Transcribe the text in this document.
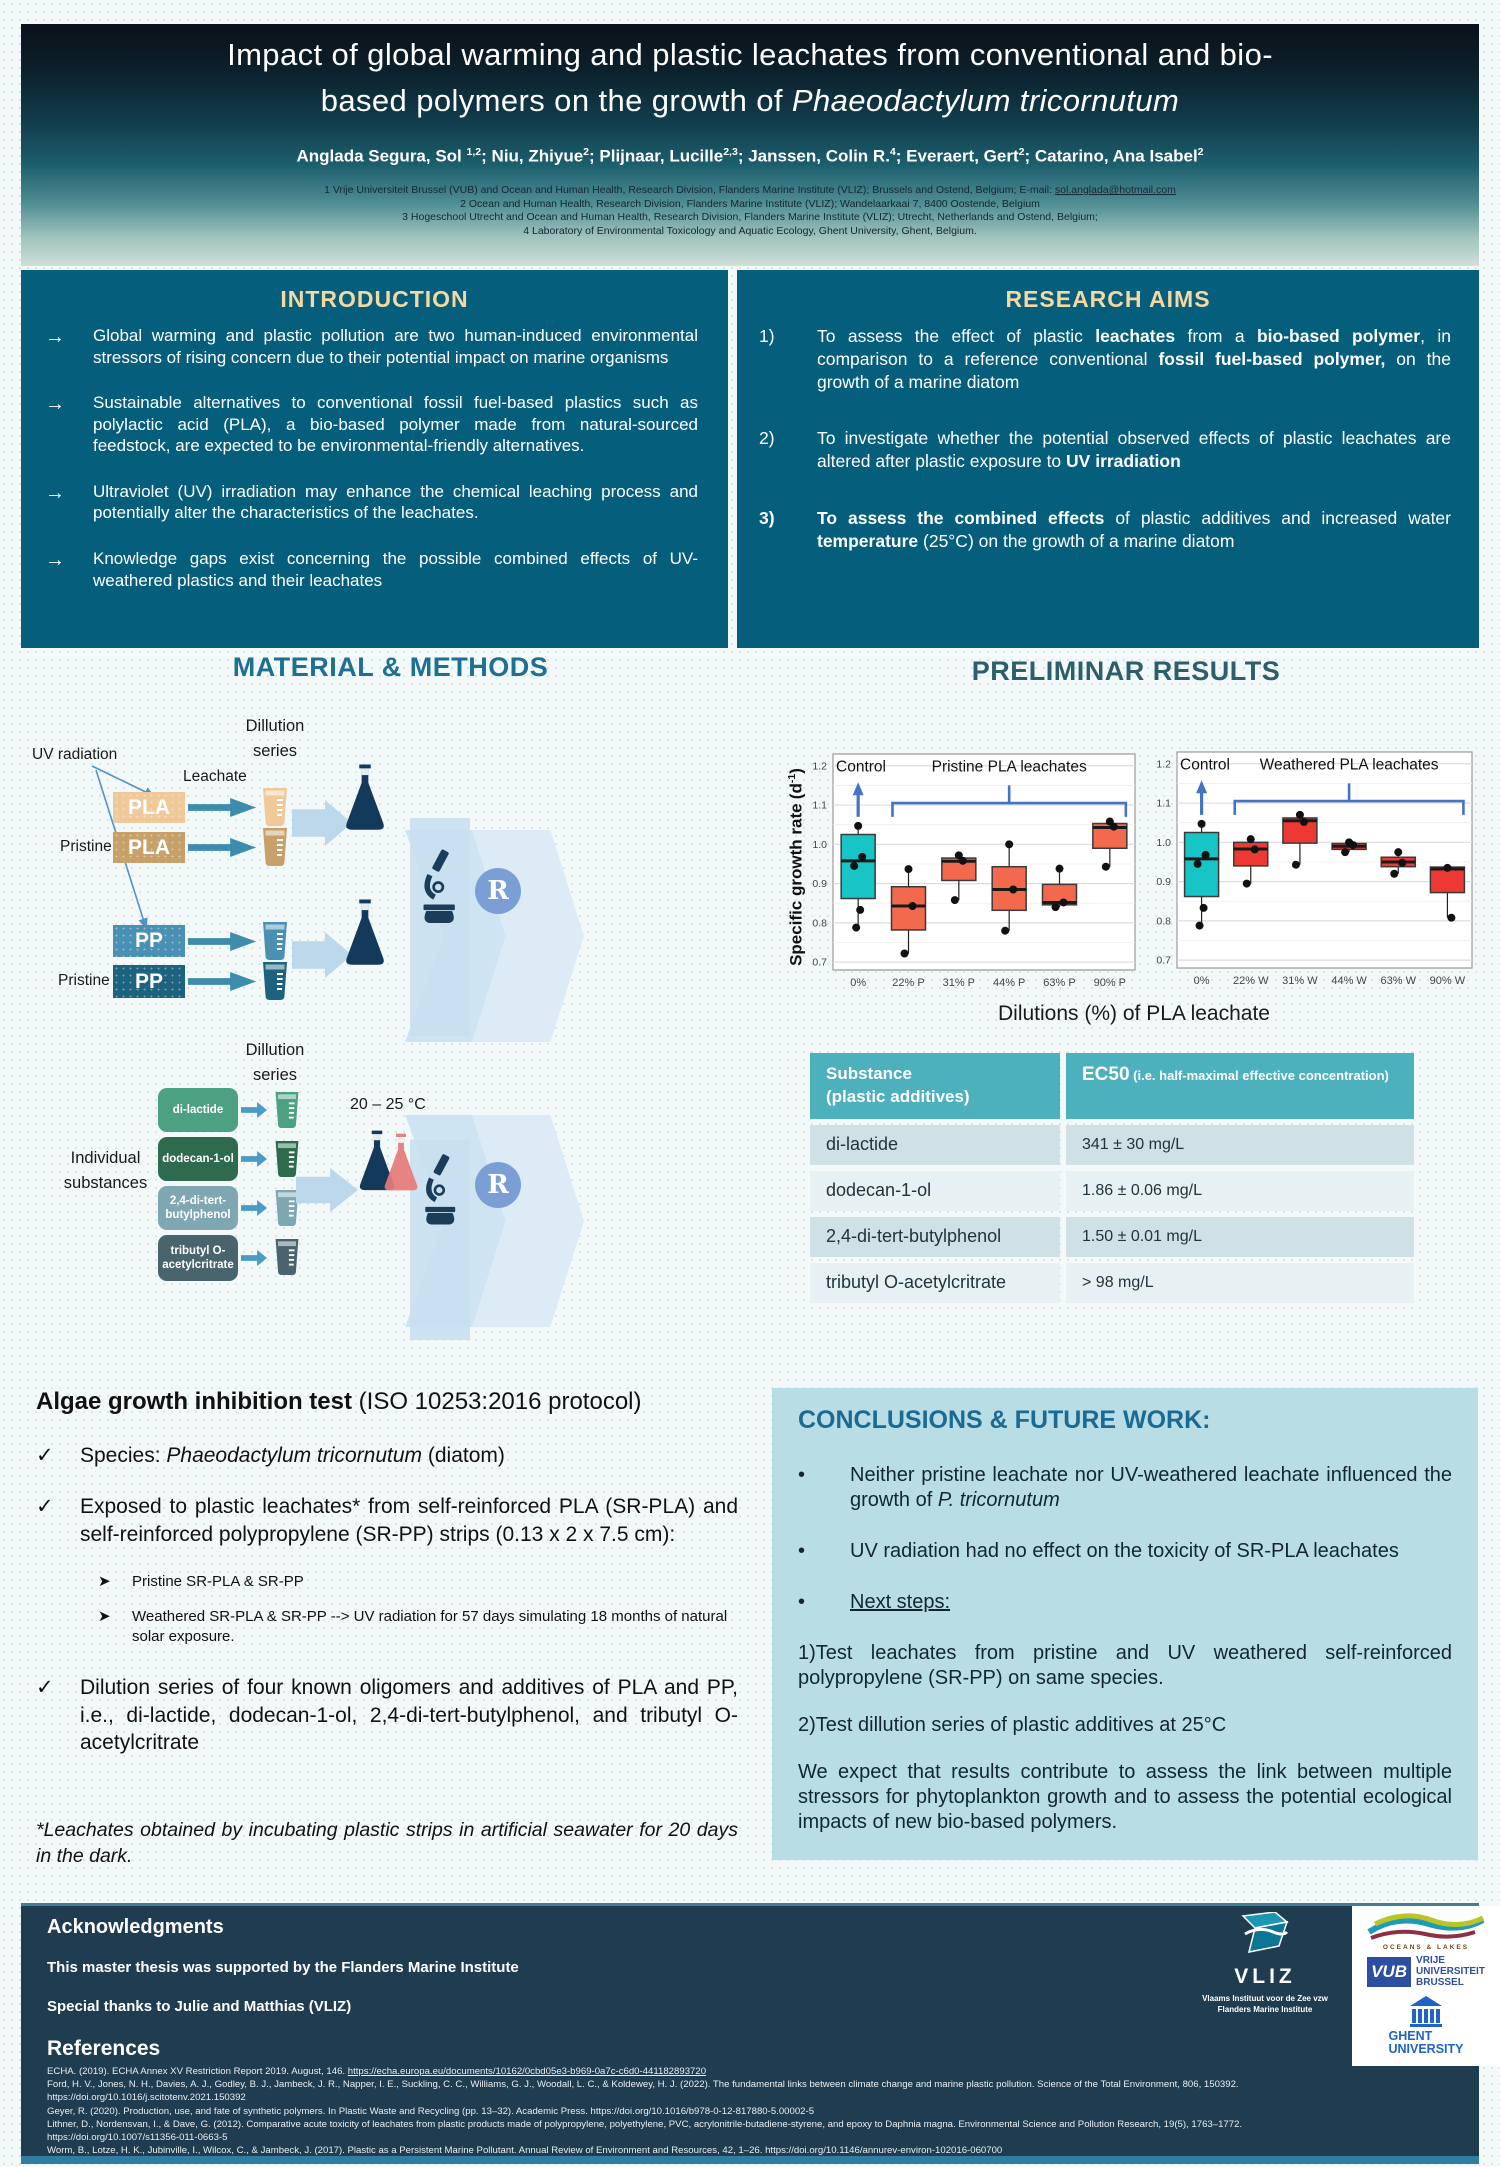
Impact of global warming and plastic leachates from conventional and bio-
based polymers on the growth of Phaeodactylum tricornutum
Anglada Segura, Sol $^{1,2}$; Niu, Zhiyue$^2$; Plijnaar, Lucille$^{2,3}$; Janssen, Colin R.$^4$; Everaert, Gert$^2$; Catarino, Ana Isabel$^2$
1 Vrije Universiteit Brussel (VUB) and Ocean and Human Health, Research Division, Flanders Marine Institute (VLIZ); Brussels and Ostend, Belgium; E-mail: sol.anglada@hotmail.com
2 Ocean and Human Health, Research Division, Flanders Marine Institute (VLIZ); Wandelaarkaai 7, 8400 Oostende, Belgium
3 Hogeschool Utrecht and Ocean and Human Health, Research Division, Flanders Marine Institute (VLIZ); Utrecht, Netherlands and Ostend, Belgium;
4 Laboratory of Environmental Toxicology and Aquatic Ecology, Ghent University, Ghent, Belgium.
INTRODUCTION
→	Global warming and plastic pollution are two human-induced environmental stressors of rising concern due to their potential impact on marine organisms
→	Sustainable alternatives to conventional fossil fuel-based plastics such as polylactic acid (PLA), a bio-based polymer made from natural-sourced feedstock, are expected to be environmental-friendly alternatives.
→	Ultraviolet (UV) irradiation may enhance the chemical leaching process and potentially alter the characteristics of the leachates.
→	Knowledge gaps exist concerning the possible combined effects of UV-weathered plastics and their leachates
RESEARCH AIMS
1)	To assess the effect of plastic leachates from a bio-based polymer, in comparison to a reference conventional fossil fuel-based polymer, on the growth of a marine diatom
2)	To investigate whether the potential observed effects of plastic leachates are altered after plastic exposure to UV irradiation
3)	To assess the combined effects of plastic additives and increased water temperature (25°C) on the growth of a marine diatom
MATERIAL & METHODS	PRELIMINAR RESULTS
UV radiation
Dillution series
Leachate
Pristine
Pristine
PLA
PLA
PP
PP
R
Dillution series
Individual substances
20 – 25 °C
di-lactide
dodecan-1-ol
2,4-di-tert-butylphenol
tributyl O-acetylcritrate
R
0.7
0.8
0.9
1.0
1.1
1.2
0% 22% P 31% P 44% P 63% P 90% P
Control	Pristine PLA leachates
0.7
0.8
0.9
1.0
1.1
1.2
0% 22% W 31% W 44% W 63% W 90% W
Control Weathered PLA leachates
Specific growth rate $(d^{-1})$
Dilutions (%) of PLA leachate
Substance
(plastic additives)
EC50 (i.e. half-maximal effective concentration)
di-lactide	341 ± 30 mg/L
dodecan-1-ol	1.86 ± 0.06 mg/L
2,4-di-tert-butylphenol	1.50 ± 0.01 mg/L
tributyl O-acetylcritrate	> 98 mg/L
Algae growth inhibition test (ISO 10253:2016 protocol)
✓	Species: Phaeodactylum tricornutum (diatom)
✓	Exposed to plastic leachates* from self-reinforced PLA (SR-PLA) and self-reinforced polypropylene (SR-PP) strips (0.13 x 2 x 7.5 cm):
➤	Pristine SR-PLA & SR-PP
➤	Weathered SR-PLA & SR-PP --> UV radiation for 57 days simulating 18 months of natural solar exposure.
✓	Dilution series of four known oligomers and additives of PLA and PP, i.e., di-lactide, dodecan-1-ol, 2,4-di-tert-butylphenol, and tributyl O-acetylcritrate
*Leachates obtained by incubating plastic strips in artificial seawater for 20 days in the dark.
CONCLUSIONS & FUTURE WORK:
•	Neither pristine leachate nor UV-weathered leachate influenced the growth of P. tricornutum
•	UV radiation had no effect on the toxicity of SR-PLA leachates
•	Next steps:
1)Test leachates from pristine and UV weathered self-reinforced polypropylene (SR-PP) on same species.
2)Test dillution series of plastic additives at 25°C
We expect that results contribute to assess the link between multiple stressors for phytoplankton growth and to assess the potential ecological impacts of new bio-based polymers.
Acknowledgments
This master thesis was supported by the Flanders Marine Institute
Special thanks to Julie and Matthias (VLIZ)
References
ECHA. (2019). ECHA Annex XV Restriction Report 2019. August, 146. https://echa.europa.eu/documents/10162/0cbd05e3-b969-0a7c-c6d0-441182893720
Ford, H. V., Jones, N. H., Davies, A. J., Godley, B. J., Jambeck, J. R., Napper, I. E., Suckling, C. C., Williams, G. J., Woodall, L. C., & Koldewey, H. J. (2022). The fundamental links between climate change and marine plastic pollution. Science of the Total Environment, 806, 150392.
https://doi.org/10.1016/j.scitotenv.2021.150392
Geyer, R. (2020). Production, use, and fate of synthetic polymers. In Plastic Waste and Recycling (pp. 13–32). Academic Press. https://doi.org/10.1016/b978-0-12-817880-5.00002-5
Lithner, D., Nordensvan, I., & Dave, G. (2012). Comparative acute toxicity of leachates from plastic products made of polypropylene, polyethylene, PVC, acrylonitrile-butadiene-styrene, and epoxy to Daphnia magna. Environmental Science and Pollution Research, 19(5), 1763–1772.
https://doi.org/10.1007/s11356-011-0663-5
Worm, B., Lotze, H. K., Jubinville, I., Wilcox, C., & Jambeck, J. (2017). Plastic as a Persistent Marine Pollutant. Annual Review of Environment and Resources, 42, 1–26. https://doi.org/10.1146/annurev-environ-102016-060700
VLIZ
Vlaams Instituut voor de Zee vzw
Flanders Marine Institute
OCEANS & LAKES
VUB
VRIJE
UNIVERSITEIT
BRUSSEL
GHENT
UNIVERSITY
